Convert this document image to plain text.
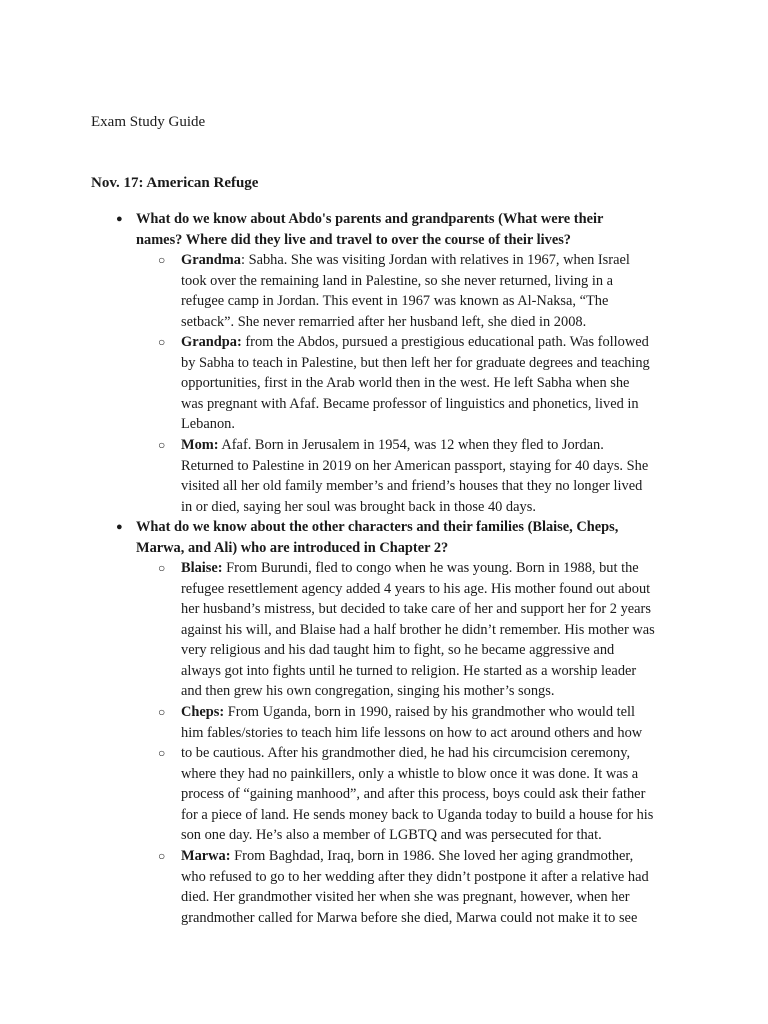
Exam Study Guide
Nov. 17: American Refuge
● What do we know about Abdo's parents and grandparents (What were their
names? Where did they live and travel to over the course of their lives?
○ Grandma: Sabha. She was visiting Jordan with relatives in 1967, when Israel
took over the remaining land in Palestine, so she never returned, living in a
refugee camp in Jordan. This event in 1967 was known as Al-Naksa, “The
setback”. She never remarried after her husband left, she died in 2008.
○ Grandpa: from the Abdos, pursued a prestigious educational path. Was followed
by Sabha to teach in Palestine, but then left her for graduate degrees and teaching
opportunities, first in the Arab world then in the west. He left Sabha when she
was pregnant with Afaf. Became professor of linguistics and phonetics, lived in
Lebanon.
○ Mom: Afaf. Born in Jerusalem in 1954, was 12 when they fled to Jordan.
Returned to Palestine in 2019 on her American passport, staying for 40 days. She
visited all her old family member’s and friend’s houses that they no longer lived
in or died, saying her soul was brought back in those 40 days.
● What do we know about the other characters and their families (Blaise, Cheps,
Marwa, and Ali) who are introduced in Chapter 2?
○ Blaise: From Burundi, fled to congo when he was young. Born in 1988, but the
refugee resettlement agency added 4 years to his age. His mother found out about
her husband’s mistress, but decided to take care of her and support her for 2 years
against his will, and Blaise had a half brother he didn’t remember. His mother was
very religious and his dad taught him to fight, so he became aggressive and
always got into fights until he turned to religion. He started as a worship leader
and then grew his own congregation, singing his mother’s songs.
○ Cheps: From Uganda, born in 1990, raised by his grandmother who would tell
him fables/stories to teach him life lessons on how to act around others and how
○ to be cautious. After his grandmother died, he had his circumcision ceremony,
where they had no painkillers, only a whistle to blow once it was done. It was a
process of “gaining manhood”, and after this process, boys could ask their father
for a piece of land. He sends money back to Uganda today to build a house for his
son one day. He’s also a member of LGBTQ and was persecuted for that.
○ Marwa: From Baghdad, Iraq, born in 1986. She loved her aging grandmother,
who refused to go to her wedding after they didn’t postpone it after a relative had
died. Her grandmother visited her when she was pregnant, however, when her
grandmother called for Marwa before she died, Marwa could not make it to see
